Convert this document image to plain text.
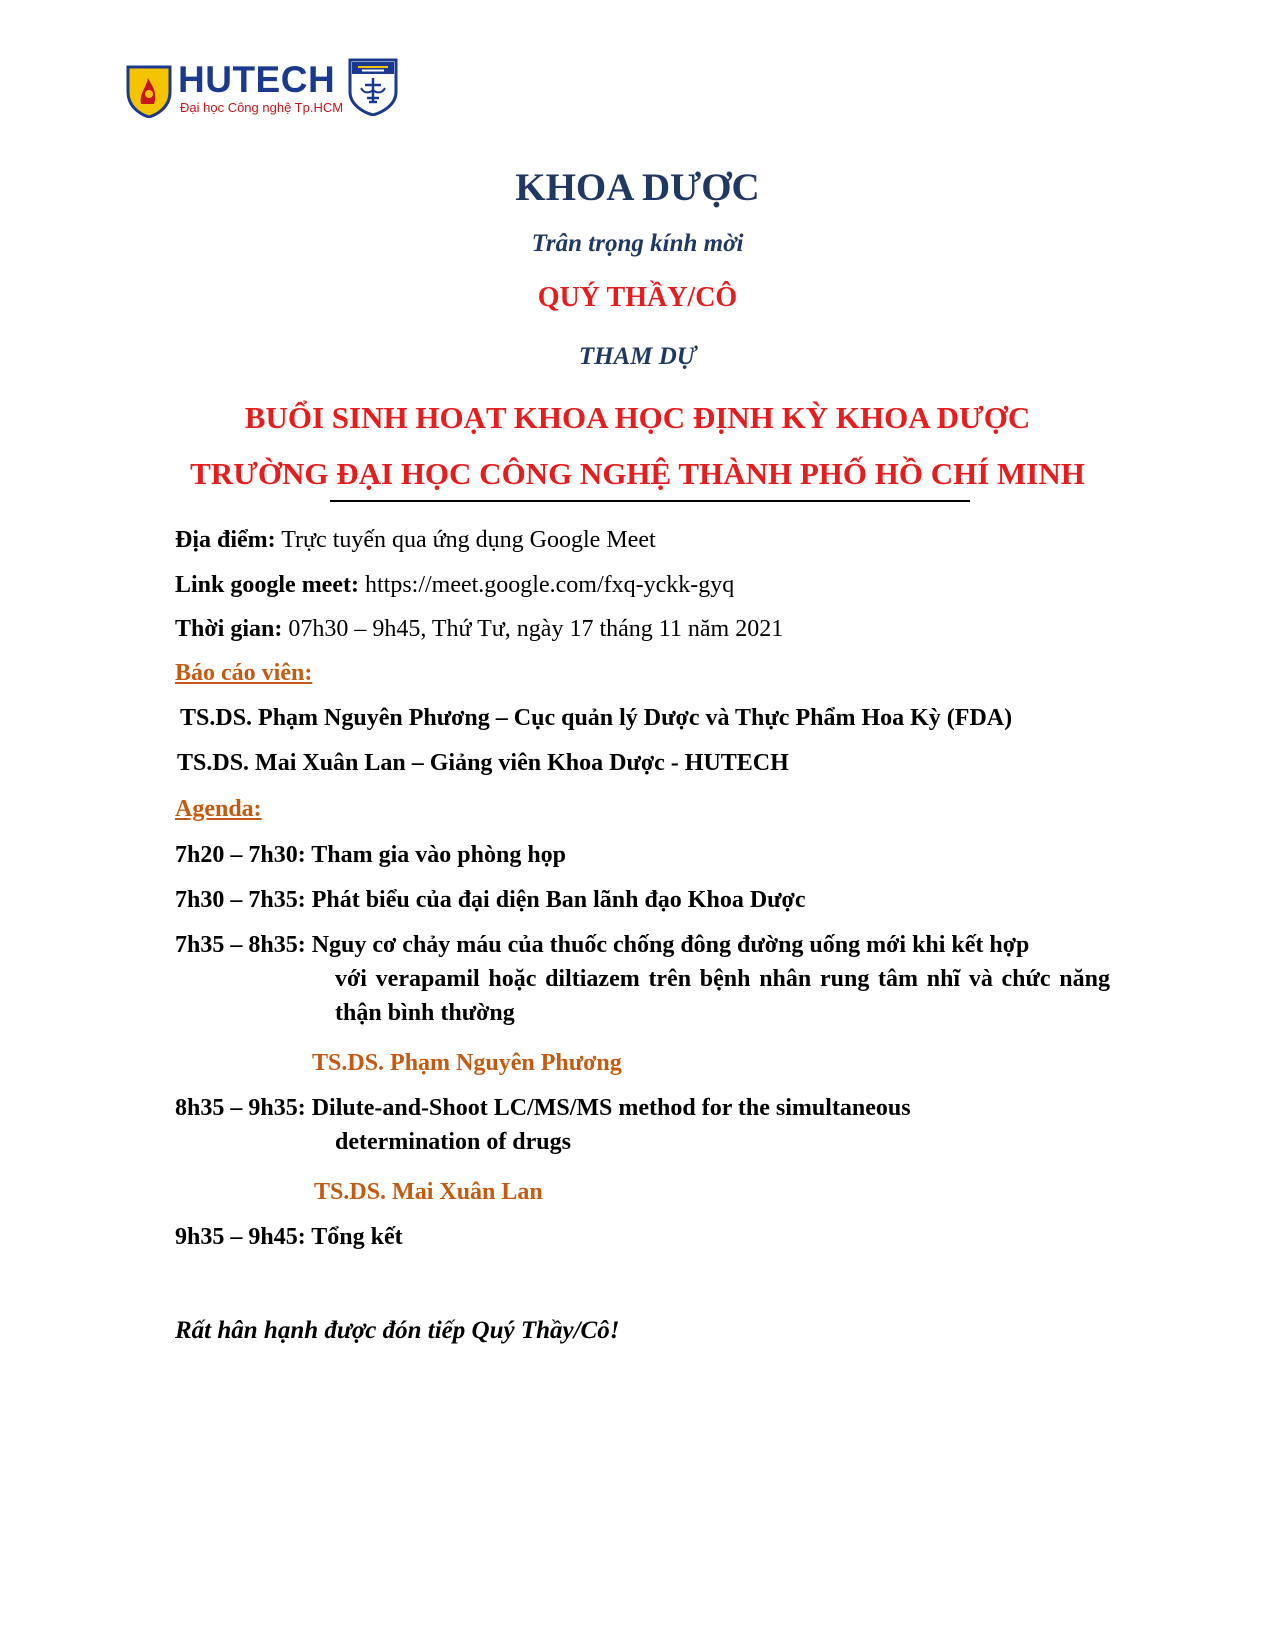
HUTECH
Đại học Công nghệ Tp.HCM
KHOA DƯỢC
Trân trọng kính mời
QUÝ THẦY/CÔ
THAM DỰ
BUỔI SINH HOẠT KHOA HỌC ĐỊNH KỲ KHOA DƯỢC
TRƯỜNG ĐẠI HỌC CÔNG NGHỆ THÀNH PHỐ HỒ CHÍ MINH
Địa điểm: Trực tuyến qua ứng dụng Google Meet
Link google meet: https://meet.google.com/fxq-yckk-gyq
Thời gian: 07h30 – 9h45, Thứ Tư, ngày 17 tháng 11 năm 2021
Báo cáo viên:
TS.DS. Phạm Nguyên Phương – Cục quản lý Dược và Thực Phẩm Hoa Kỳ (FDA)
TS.DS. Mai Xuân Lan – Giảng viên Khoa Dược - HUTECH
Agenda:
7h20 – 7h30: Tham gia vào phòng họp
7h30 – 7h35: Phát biểu của đại diện Ban lãnh đạo Khoa Dược
7h35 – 8h35: Nguy cơ chảy máu của thuốc chống đông đường uống mới khi kết hợp
với verapamil hoặc diltiazem trên bệnh nhân rung tâm nhĩ và chức năng thận bình thường
TS.DS. Phạm Nguyên Phương
8h35 – 9h35: Dilute-and-Shoot LC/MS/MS method for the simultaneous
determination of drugs
TS.DS. Mai Xuân Lan
9h35 – 9h45: Tổng kết
Rất hân hạnh được đón tiếp Quý Thầy/Cô!
